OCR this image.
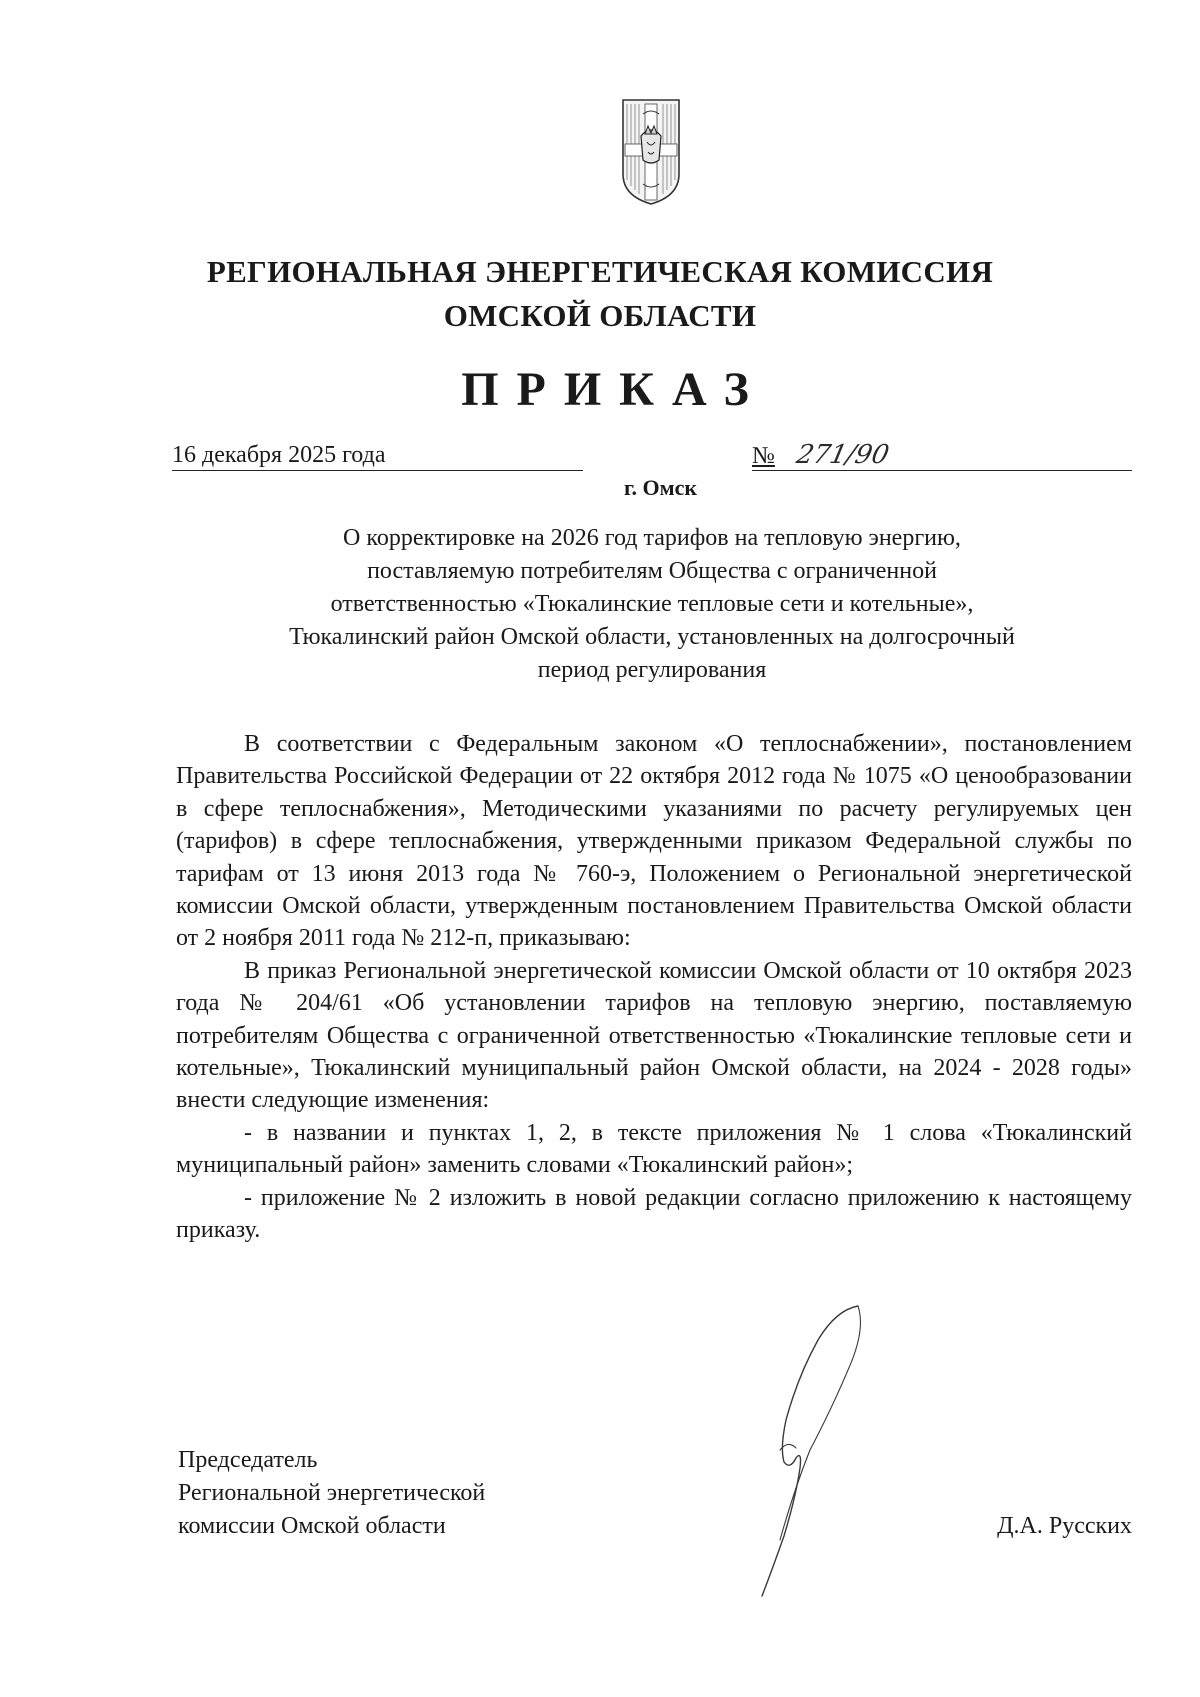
РЕГИОНАЛЬНАЯ ЭНЕРГЕТИЧЕСКАЯ КОМИССИЯ
ОМСКОЙ ОБЛАСТИ
ПРИКАЗ
16 декабря 2025 года	№ 271/90
г. Омск
О корректировке на 2026 год тарифов на тепловую энергию,
поставляемую потребителям Общества с ограниченной
ответственностью «Тюкалинские тепловые сети и котельные»,
Тюкалинский район Омской области, установленных на долгосрочный
период регулирования

В соответствии с Федеральным законом «О теплоснабжении», постановлением Правительства Российской Федерации от 22 октября 2012 года № 1075 «О ценообразовании в сфере теплоснабжения», Методическими указаниями по расчету регулируемых цен (тарифов) в сфере теплоснабжения, утвержденными приказом Федеральной службы по тарифам от 13 июня 2013 года № 760-э, Положением о Региональной энергетической комиссии Омской области, утвержденным постановлением Правительства Омской области от 2 ноября 2011 года № 212-п, приказываю:

В приказ Региональной энергетической комиссии Омской области от 10 октября 2023 года № 204/61 «Об установлении тарифов на тепловую энергию, поставляемую потребителям Общества с ограниченной ответственностью «Тюкалинские тепловые сети и котельные», Тюкалинский муниципальный район Омской области, на 2024 - 2028 годы» внести следующие изменения:

- в названии и пунктах 1, 2, в тексте приложения № 1 слова «Тюкалинский муниципальный район» заменить словами «Тюкалинский район»;

- приложение № 2 изложить в новой редакции согласно приложению к настоящему приказу.

Председатель
Региональной энергетической
комиссии Омской области	Д.А. Русских
